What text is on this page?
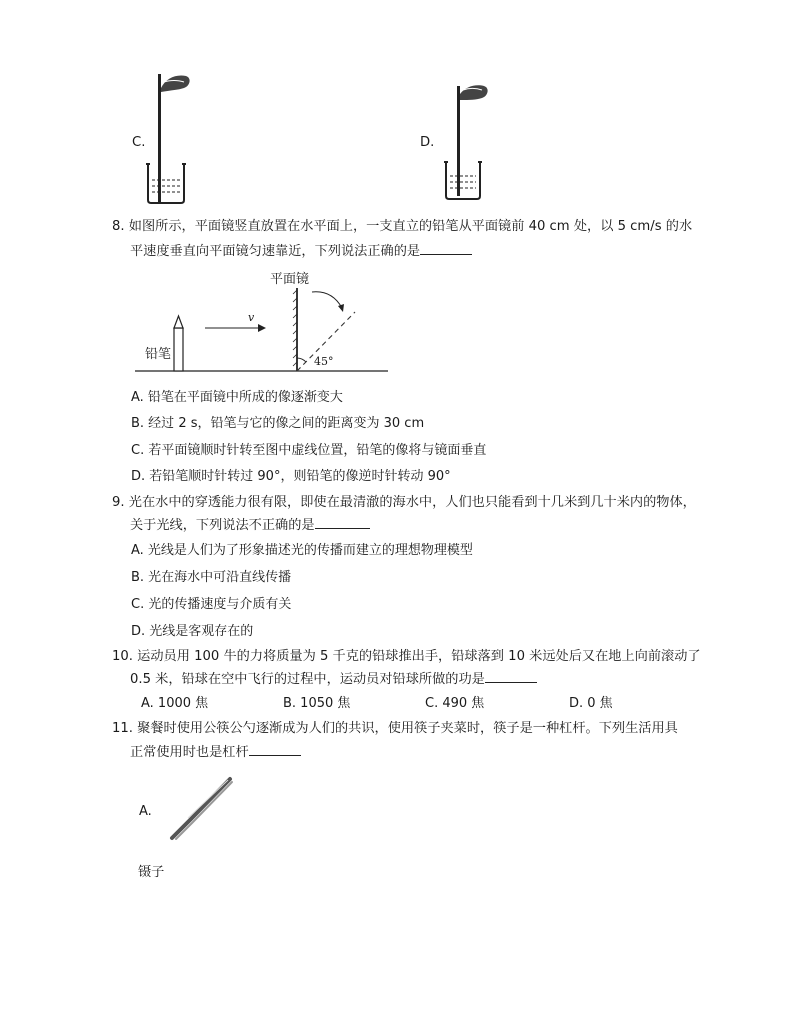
C.	D.
8. 如图所示，平面镜竖直放置在水平面上，一支直立的铅笔从平面镜前 40 cm 处，以 5 cm/s 的水
平速度垂直向平面镜匀速靠近，下列说法正确的是
平面镜
铅笔
v
45°
A. 铅笔在平面镜中所成的像逐渐变大
B. 经过 2 s，铅笔与它的像之间的距离变为 30 cm
C. 若平面镜顺时针转至图中虚线位置，铅笔的像将与镜面垂直
D. 若铅笔顺时针转过 90°，则铅笔的像逆时针转动 90°
9. 光在水中的穿透能力很有限，即使在最清澈的海水中，人们也只能看到十几米到几十米内的物体，
关于光线，下列说法不正确的是
A. 光线是人们为了形象描述光的传播而建立的理想物理模型
B. 光在海水中可沿直线传播
C. 光的传播速度与介质有关
D. 光线是客观存在的
10. 运动员用 100 牛的力将质量为 5 千克的铅球推出手，铅球落到 10 米远处后又在地上向前滚动了
0.5 米，铅球在空中飞行的过程中，运动员对铅球所做的功是
A. 1000 焦	B. 1050 焦	C. 490 焦	D. 0 焦
11. 聚餐时使用公筷公勺逐渐成为人们的共识，使用筷子夹菜时，筷子是一种杠杆。下列生活用具
正常使用时也是杠杆
A.
镊子
